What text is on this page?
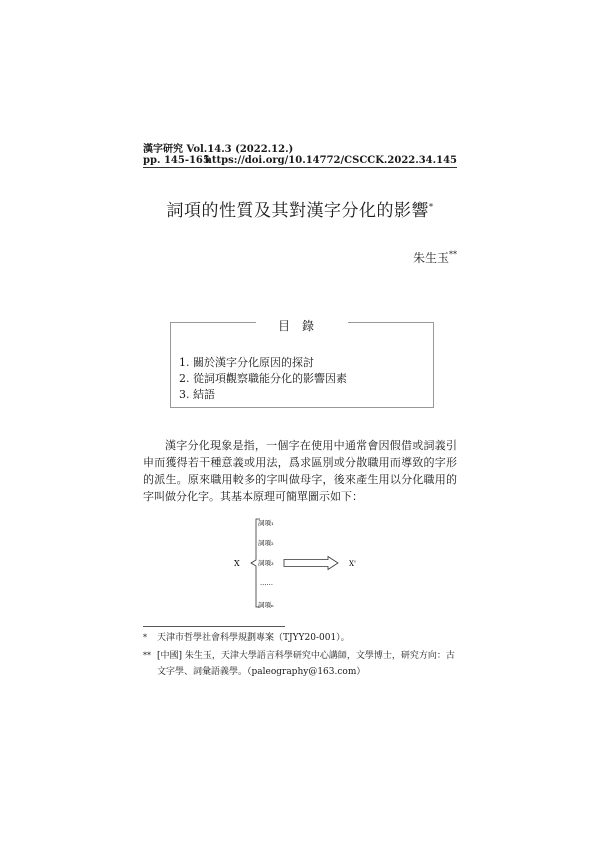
漢字研究 Vol.14.3 (2022.12.)
pp. 145-165
https://doi.org/10.14772/CSCCK.2022.34.145
詞項的性質及其對漢字分化的影響*
朱生玉**
目錄
1. 關於漢字分化原因的探討
2. 從詞項觀察職能分化的影響因素
3. 結語

漢字分化現象是指，一個字在使用中通常會因假借或詞義引申而獲得若干種意義或用法，爲求區別或分散職用而導致的字形的派生。原來職用較多的字叫做母字，後來產生用以分化職用的字叫做分化字。其基本原理可簡單圖示如下：

X
詞項₁
詞項₂
詞項₃
……
詞項ₙ
X'
* 天津市哲學社會科學規劃專案（TJYY20-001）。
** [中國] 朱生玉，天津大學語言科學研究中心講師，文學博士，研究方向：古文字學、詞彙語義學。（paleography@163.com）
